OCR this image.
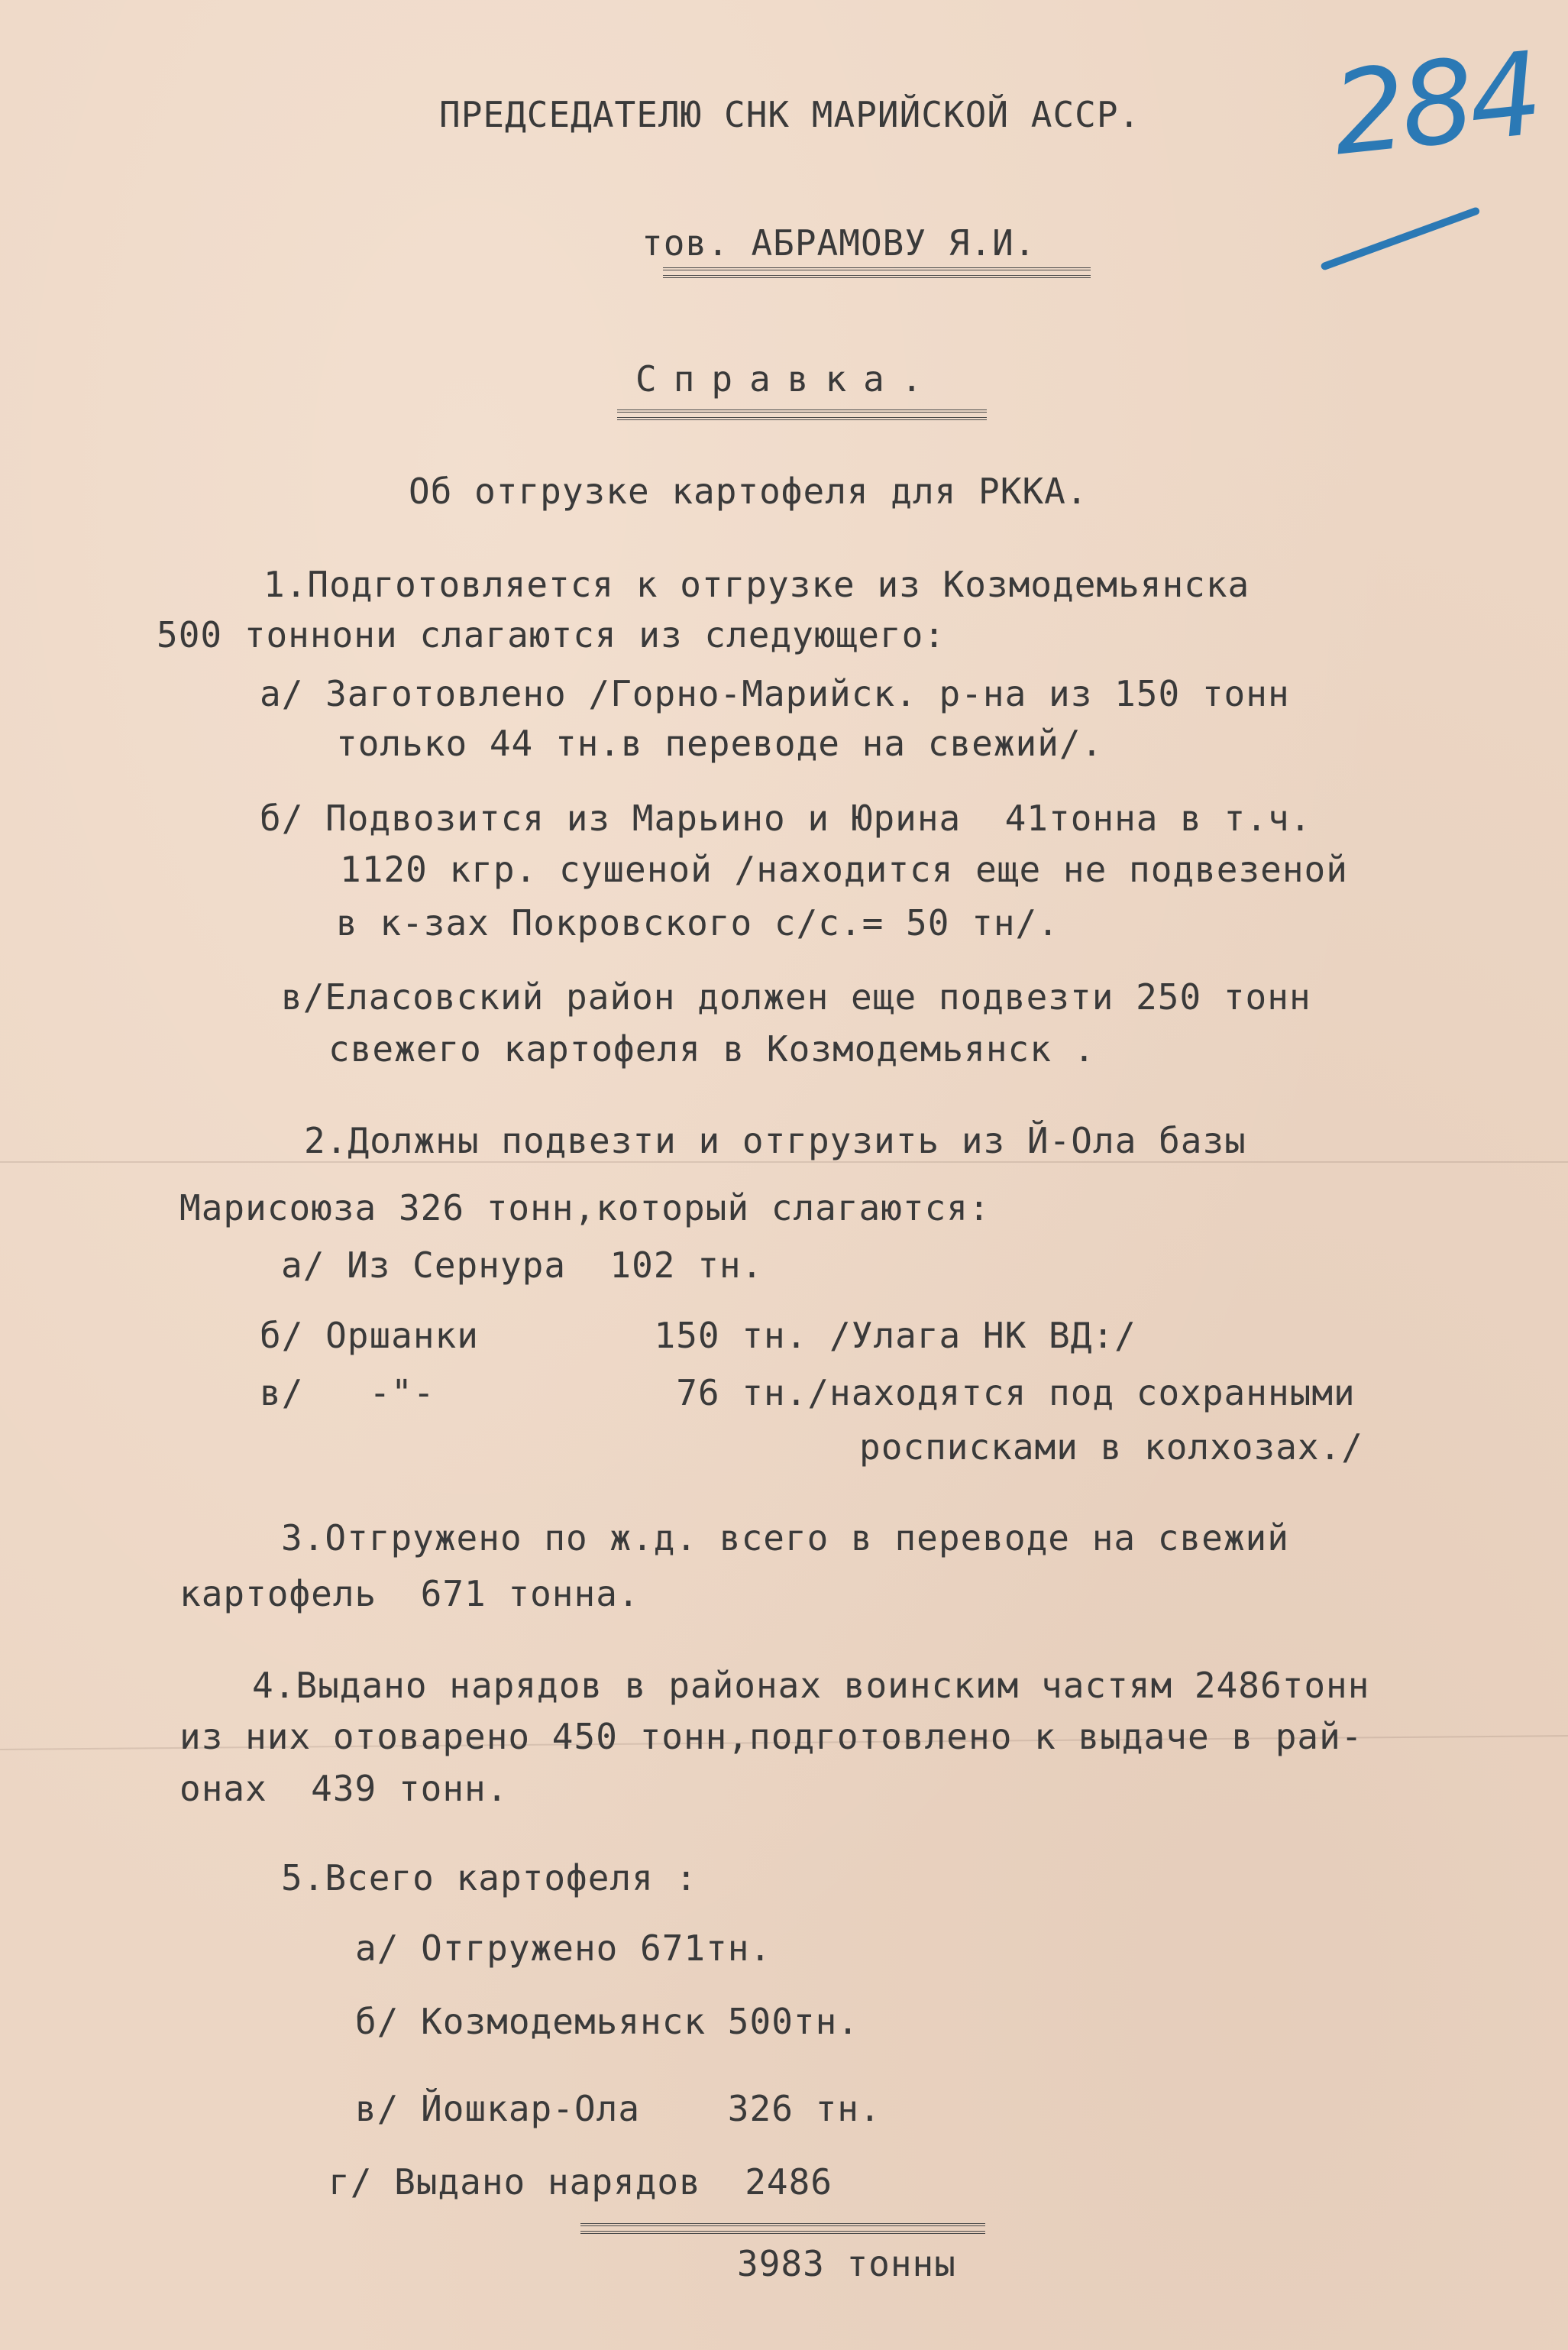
284
ПРЕДСЕДАТЕЛЮ СНК МАРИЙСКОЙ АССР.
тов. АБРАМОВУ Я.И.
Справка.
Об отгрузке картофеля для РККА.
1.Подготовляется к отгрузке из Козмодемьянска
500 тоннони слагаются из следующего:
а/ Заготовлено /Горно-Марийск. р-на из 150 тонн
только 44 тн.в переводе на свежий/.
б/ Подвозится из Марьино и Юрина  41тонна в т.ч.
1120 кгр. сушеной /находится еще не подвезеной
в к-зах Покровского с/с.= 50 тн/.
в/Еласовский район должен еще подвезти 250 тонн
свежего картофеля в Козмодемьянск .
2.Должны подвезти и отгрузить из Й-Ола базы
Марисоюза 326 тонн,который слагаются:
а/ Из Сернура  102 тн.
б/ Оршанки        150 тн. /Улага НК ВД:/
в/   -"-           76 тн./находятся под сохранными
росписками в колхозах./
3.Отгружено по ж.д. всего в переводе на свежий
картофель  671 тонна.
4.Выдано нарядов в районах воинским частям 2486тонн
из них отоварено 450 тонн,подготовлено к выдаче в рай-
онах  439 тонн.
5.Всего картофеля :
а/ Отгружено 671тн.
б/ Козмодемьянск 500тн.
в/ Йошкар-Ола    326 тн.
г/ Выдано нарядов  2486
3983 тонны
